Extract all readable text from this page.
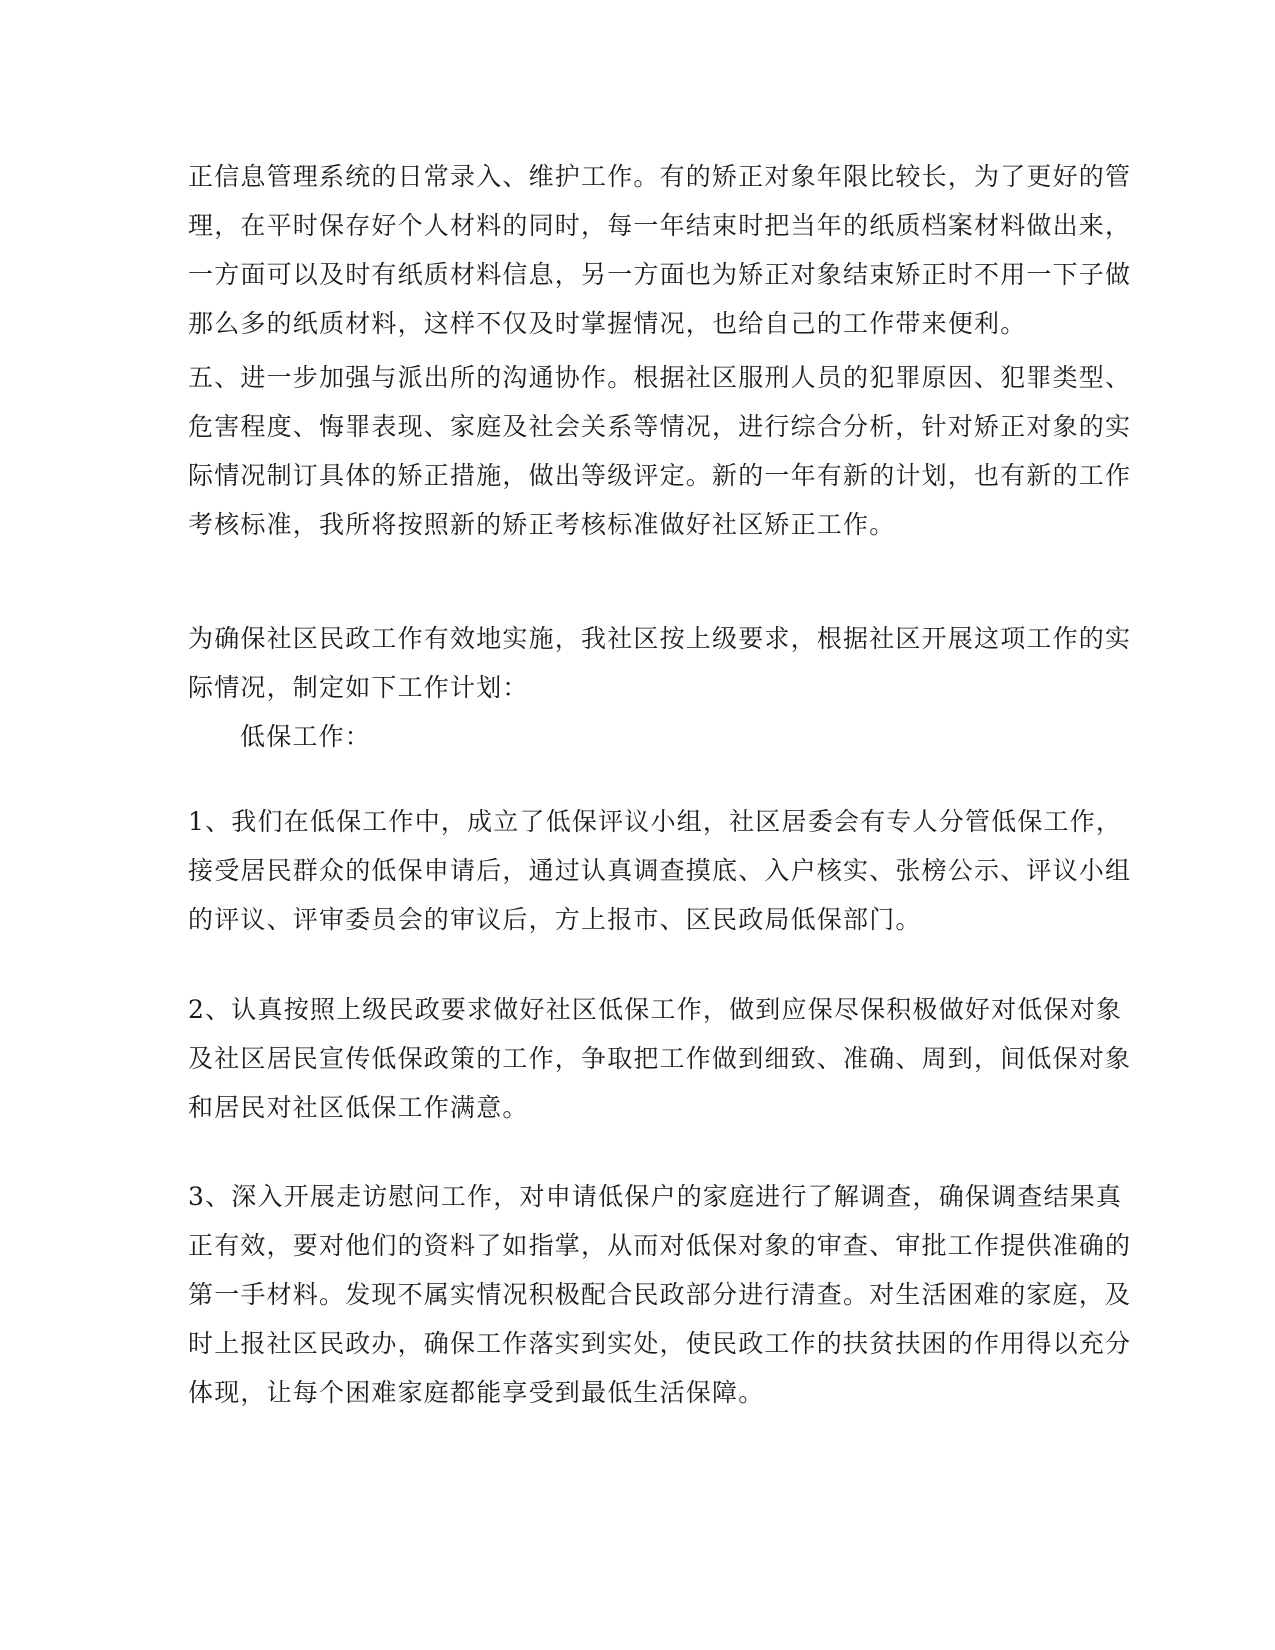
正信息管理系统的日常录入、维护工作。有的矫正对象年限比较长，为了更好的管
理，在平时保存好个人材料的同时，每一年结束时把当年的纸质档案材料做出来，
一方面可以及时有纸质材料信息，另一方面也为矫正对象结束矫正时不用一下子做
那么多的纸质材料，这样不仅及时掌握情况，也给自己的工作带来便利。
五、进一步加强与派出所的沟通协作。根据社区服刑人员的犯罪原因、犯罪类型、
危害程度、悔罪表现、家庭及社会关系等情况，进行综合分析，针对矫正对象的实
际情况制订具体的矫正措施，做出等级评定。新的一年有新的计划，也有新的工作
考核标准，我所将按照新的矫正考核标准做好社区矫正工作。
为确保社区民政工作有效地实施，我社区按上级要求，根据社区开展这项工作的实
际情况，制定如下工作计划：
低保工作：
1、我们在低保工作中，成立了低保评议小组，社区居委会有专人分管低保工作，
接受居民群众的低保申请后，通过认真调查摸底、入户核实、张榜公示、评议小组
的评议、评审委员会的审议后，方上报市、区民政局低保部门。
2、认真按照上级民政要求做好社区低保工作，做到应保尽保积极做好对低保对象
及社区居民宣传低保政策的工作，争取把工作做到细致、准确、周到，间低保对象
和居民对社区低保工作满意。
3、深入开展走访慰问工作，对申请低保户的家庭进行了解调查，确保调查结果真
正有效，要对他们的资料了如指掌，从而对低保对象的审查、审批工作提供准确的
第一手材料。发现不属实情况积极配合民政部分进行清查。对生活困难的家庭，及
时上报社区民政办，确保工作落实到实处，使民政工作的扶贫扶困的作用得以充分
体现，让每个困难家庭都能享受到最低生活保障。
